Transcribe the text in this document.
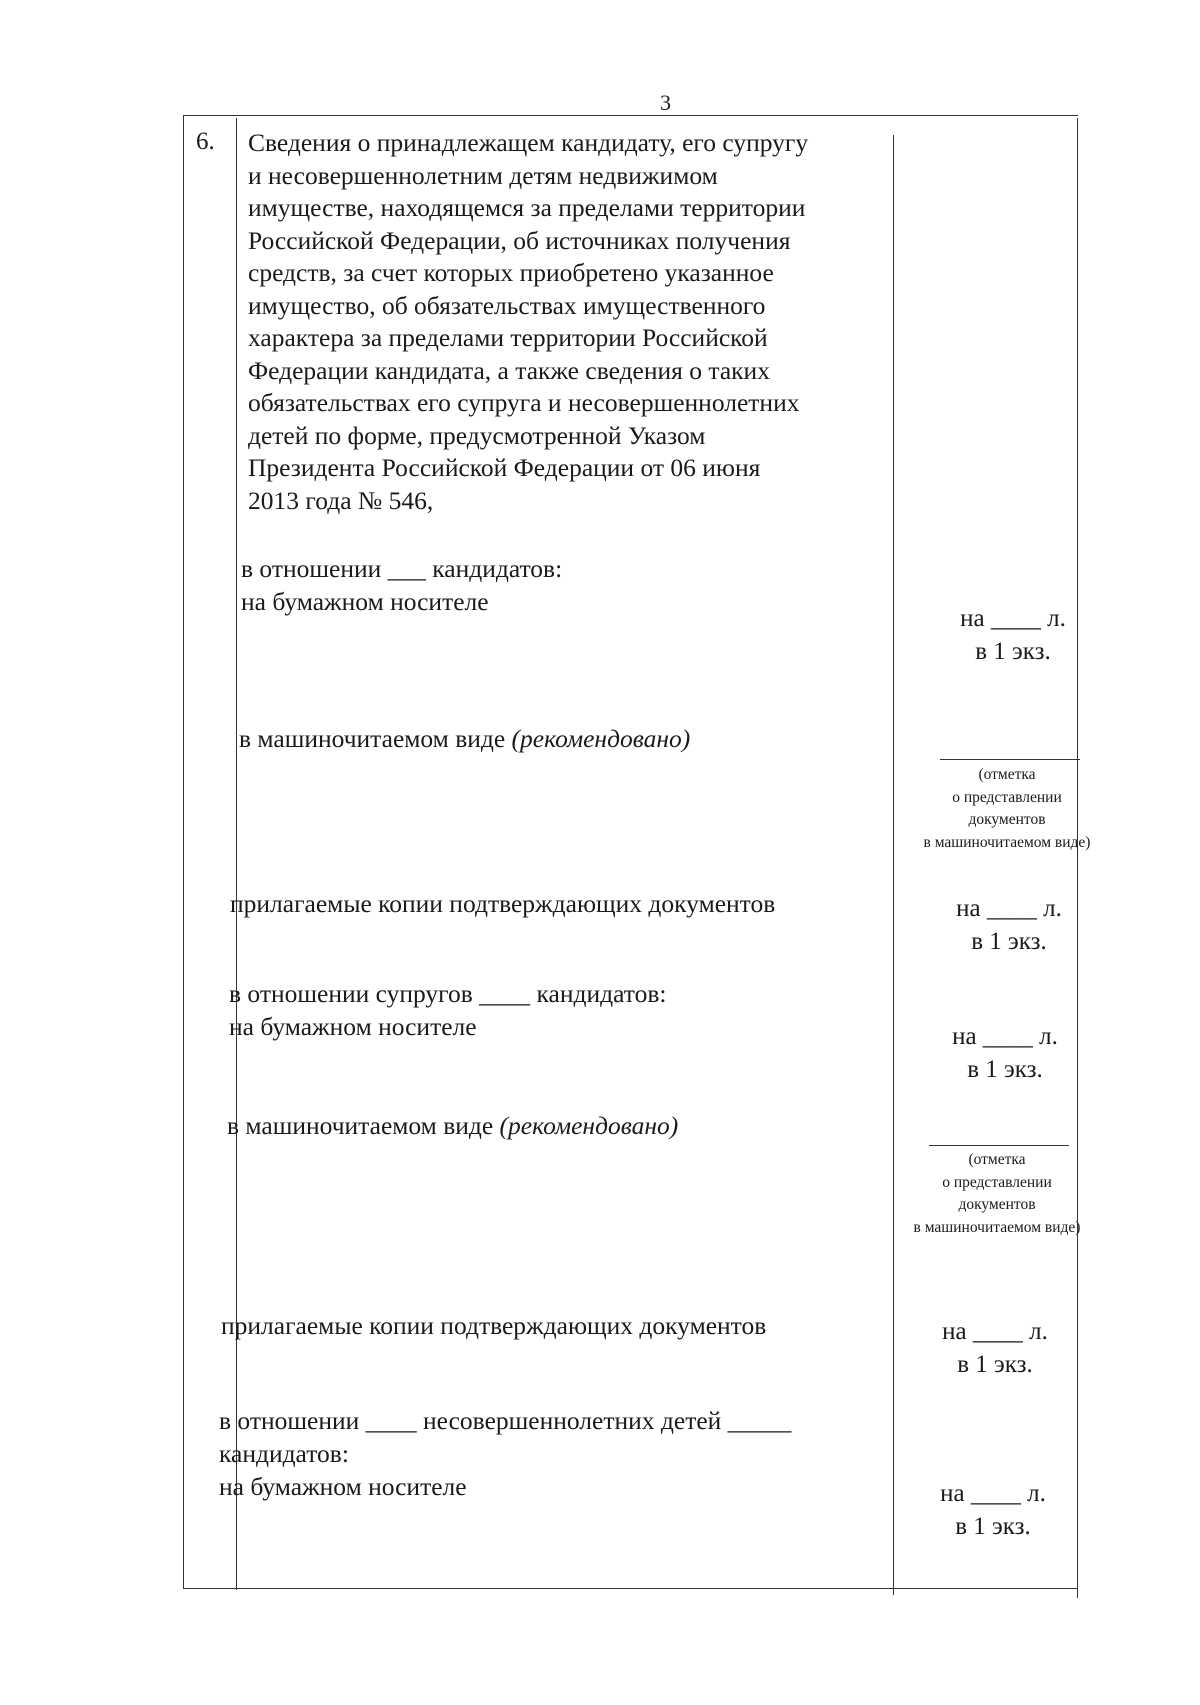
3
6. Сведения о принадлежащем кандидату, его супругу
и несовершеннолетним детям недвижимом
имуществе, находящемся за пределами территории
Российской Федерации, об источниках получения
средств, за счет которых приобретено указанное
имущество, об обязательствах имущественного
характера за пределами территории Российской
Федерации кандидата, а также сведения о таких
обязательствах его супруга и несовершеннолетних
детей по форме, предусмотренной Указом
Президента Российской Федерации от 06 июня
2013 года № 546,
в отношении ___ кандидатов:
на бумажном носителе
в машиночитаемом виде (рекомендовано)
прилагаемые копии подтверждающих документов
в отношении супругов ____ кандидатов:
на бумажном носителе
в машиночитаемом виде (рекомендовано)
прилагаемые копии подтверждающих документов
в отношении ____ несовершеннолетних детей _____
кандидатов:
на бумажном носителе
на ____ л.
в 1 экз.
на ____ л.
в 1 экз.
на ____ л.
в 1 экз.
на ____ л.
в 1 экз.
на ____ л.
в 1 экз.
(отметка
о представлении
документов
в машиночитаемом виде)
(отметка
о представлении
документов
в машиночитаемом виде)
